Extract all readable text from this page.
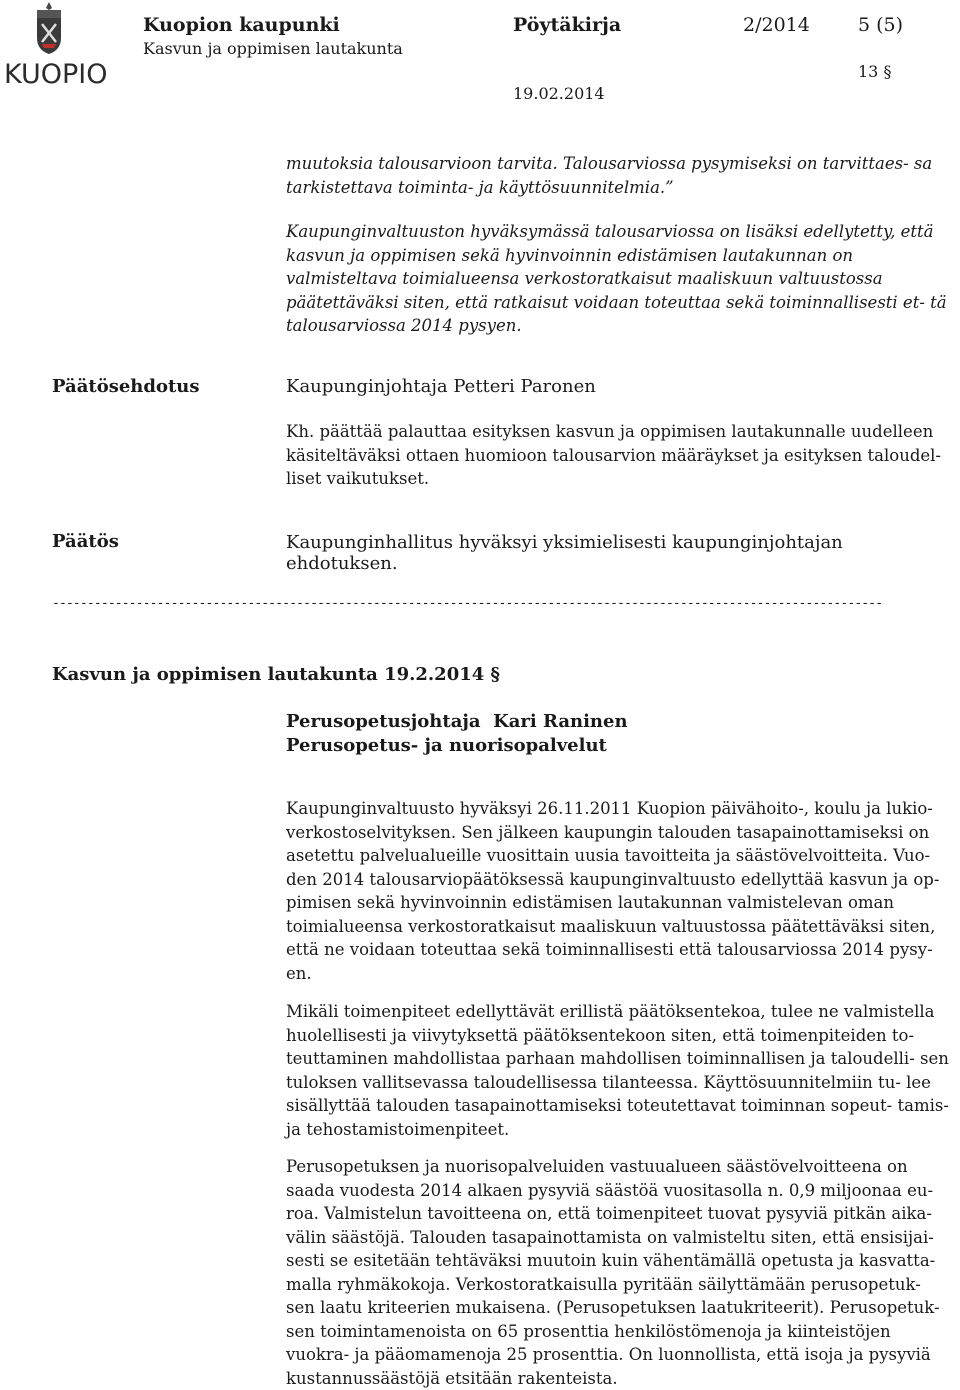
KUOPIO
Kuopion kaupunki
Kasvun ja oppimisen lautakunta
Pöytäkirja	2/2014	5 (5)
13 §
19.02.2014
muutoksia talousarvioon tarvita. Talousarviossa pysymiseksi on tarvittaes- sa tarkistettava toiminta- ja käyttösuunnitelmia.”
Kaupunginvaltuuston hyväksymässä talousarviossa on lisäksi edellytetty, että kasvun ja oppimisen sekä hyvinvoinnin edistämisen lautakunnan on valmisteltava toimialueensa verkostoratkaisut maaliskuun valtuustossa päätettäväksi siten, että ratkaisut voidaan toteuttaa sekä toiminnallisesti et- tä talousarviossa 2014 pysyen.
Päätösehdotus	Kaupunginjohtaja Petteri Paronen
Kh. päättää palauttaa esityksen kasvun ja oppimisen lautakunnalle uudelleen käsiteltäväksi ottaen huomioon talousarvion määräykset ja esityksen taloudel- liset vaikutukset.
Päätös	Kaupunginhallitus hyväksyi yksimielisesti kaupunginjohtajan ehdotuksen.
-----------------------------------------------------------------------------------------------------------------------
Kasvun ja oppimisen lautakunta 19.2.2014 §
Perusopetusjohtaja  Kari Raninen
Perusopetus- ja nuorisopalvelut
Kaupunginvaltuusto hyväksyi 26.11.2011 Kuopion päivähoito-, koulu ja lukio- verkostoselvityksen. Sen jälkeen kaupungin talouden tasapainottamiseksi on asetettu palvelualueille vuosittain uusia tavoitteita ja säästövelvoitteita. Vuo- den 2014 talousarviopäätöksessä kaupunginvaltuusto edellyttää kasvun ja op- pimisen sekä hyvinvoinnin edistämisen lautakunnan valmistelevan oman toimialueensa verkostoratkaisut maaliskuun valtuustossa päätettäväksi siten, että ne voidaan toteuttaa sekä toiminnallisesti että talousarviossa 2014 pysy- en.
Mikäli toimenpiteet edellyttävät erillistä päätöksentekoa, tulee ne valmistella huolellisesti ja viivytyksettä päätöksentekoon siten, että toimenpiteiden to- teuttaminen mahdollistaa parhaan mahdollisen toiminnallisen ja taloudelli- sen tuloksen vallitsevassa taloudellisessa tilanteessa. Käyttösuunnitelmiin tu- lee sisällyttää talouden tasapainottamiseksi toteutettavat toiminnan sopeut- tamis- ja tehostamistoimenpiteet.
Perusopetuksen ja nuorisopalveluiden vastuualueen säästövelvoitteena on saada vuodesta 2014 alkaen pysyviä säästöä vuositasolla n. 0,9 miljoonaa eu- roa. Valmistelun tavoitteena on, että toimenpiteet tuovat pysyviä pitkän aika- välin säästöjä. Talouden tasapainottamista on valmisteltu siten, että ensisijai- sesti se esitetään tehtäväksi muutoin kuin vähentämällä opetusta ja kasvatta- malla ryhmäkokoja. Verkostoratkaisulla pyritään säilyttämään perusopetuk- sen laatu kriteerien mukaisena. (Perusopetuksen laatukriteerit). Perusopetuk- sen toimintamenoista on 65 prosenttia henkilöstömenoja ja kiinteistöjen vuokra- ja pääomamenoja 25 prosenttia. On luonnollista, että isoja ja pysyviä kustannussäästöjä etsitään rakenteista.
